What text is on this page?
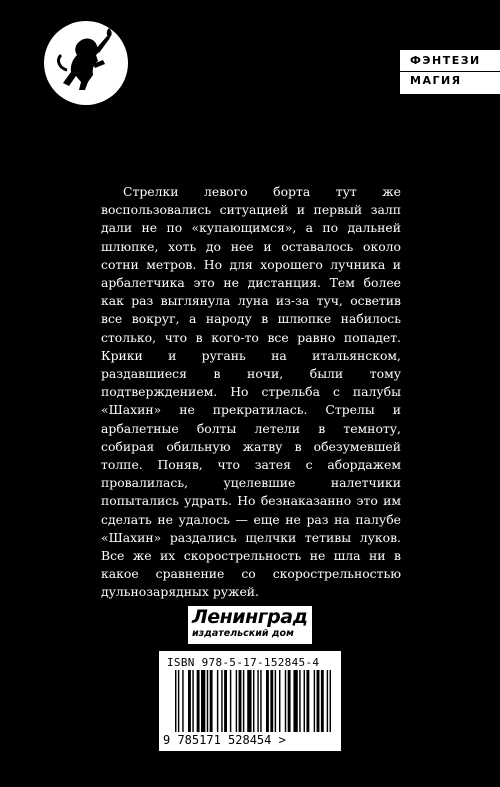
ФЭНТЕЗИ
МАГИЯ

Стрелки левого борта тут же воспользовались ситуацией и первый залп дали не по «купающимся», а по дальней шлюпке, хоть до нее и оставалось около сотни метров. Но для хорошего лучника и арбалетчика это не дистанция. Тем более как раз выглянула луна из-за туч, осветив все вокруг, а народу в шлюпке набилось столько, что в кого-то все равно попадет. Крики и ругань на итальянском, раздавшиеся в ночи, были тому подтверждением. Но стрельба с палубы «Шахин» не прекратилась. Стрелы и арбалетные болты летели в темноту, собирая обильную жатву в обезумевшей толпе. Поняв, что затея с абордажем провалилась, уцелевшие налетчики попытались удрать. Но безнаказанно это им сделать не удалось — еще не раз на палубе «Шахин» раздались щелчки тетивы луков. Все же их скорострельность не шла ни в какое сравнение со скорострельностью дульнозарядных ружей.

Ленинград
издательский дом
ISBN 978-5-17-152845-4
9 785171 528454 >
